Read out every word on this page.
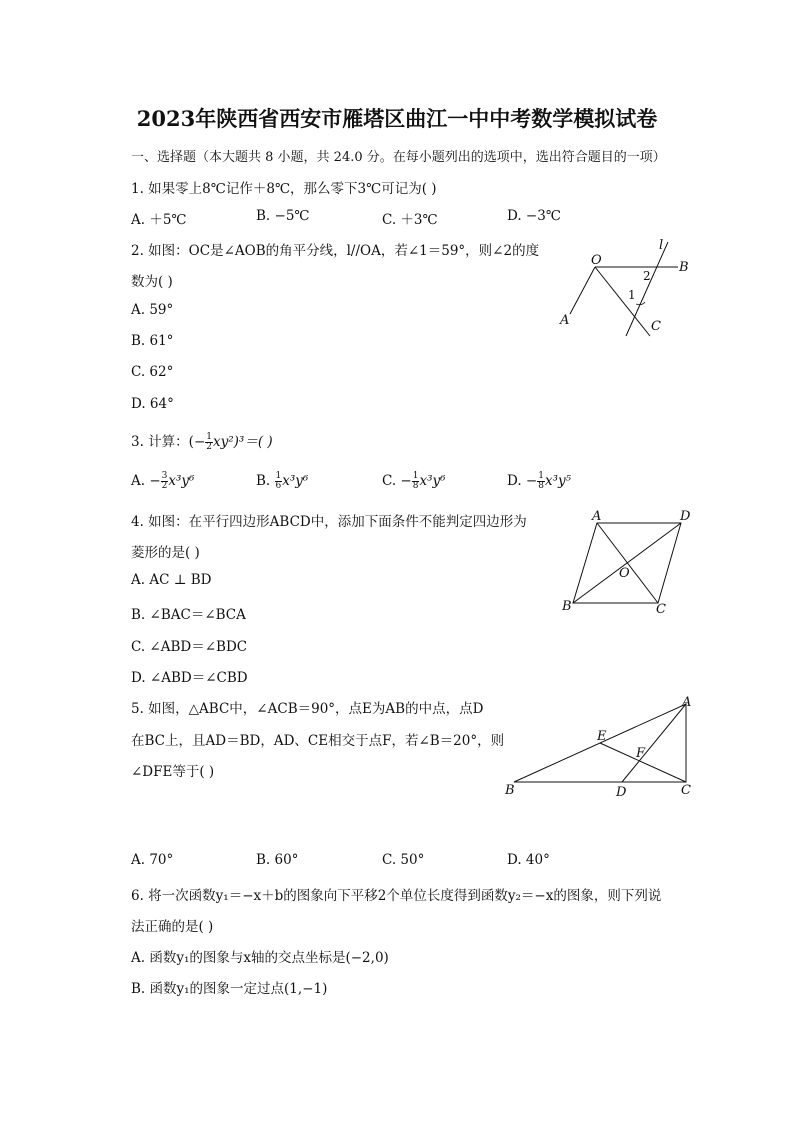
2023年陕西省西安市雁塔区曲江一中中考数学模拟试卷
一、选择题（本大题共 8 小题，共 24.0 分。在每小题列出的选项中，选出符合题目的一项）
1. 如果零上8℃记作＋8℃，那么零下3℃可记为( )
A. ＋5℃	B. −5℃	C. ＋3℃	D. −3℃
2. 如图：OC是∠AOB的角平分线，l//OA，若∠1＝59°，则∠2的度
数为( )
A. 59°
B. 61°
C. 62°
D. 64°
O	B
A	C
l
1
2
3. 计算：(− $\frac{1}{2} xy^2)^3=$( )
A. − $\frac{3}{2} x^3y^6$	B. $\frac{1}{6} x^3y^6$	C. − $\frac{1}{8} x^3y^6$	D. − $\frac{1}{8} x^3y^5$
4. 如图：在平行四边形ABCD中，添加下面条件不能判定四边形为
菱形的是( )
A. AC ⊥ BD
B. ∠BAC＝∠BCA
C. ∠ABD＝∠BDC
D. ∠ABD＝∠CBD
A	D
B	C
O
5. 如图，△ABC中，∠ACB＝90°，点E为AB的中点，点D
在BC上，且AD＝BD，AD、CE相交于点F，若∠B＝20°，则
∠DFE等于( )
A
B	C
D
E
F
A. 70°	B. 60°	C. 50°	D. 40°
6. 将一次函数y₁＝−x＋b的图象向下平移2个单位长度得到函数y₂＝−x的图象，则下列说
法正确的是( )
A. 函数y₁的图象与x轴的交点坐标是(−2,0)
B. 函数y₁的图象一定过点(1,−1)
